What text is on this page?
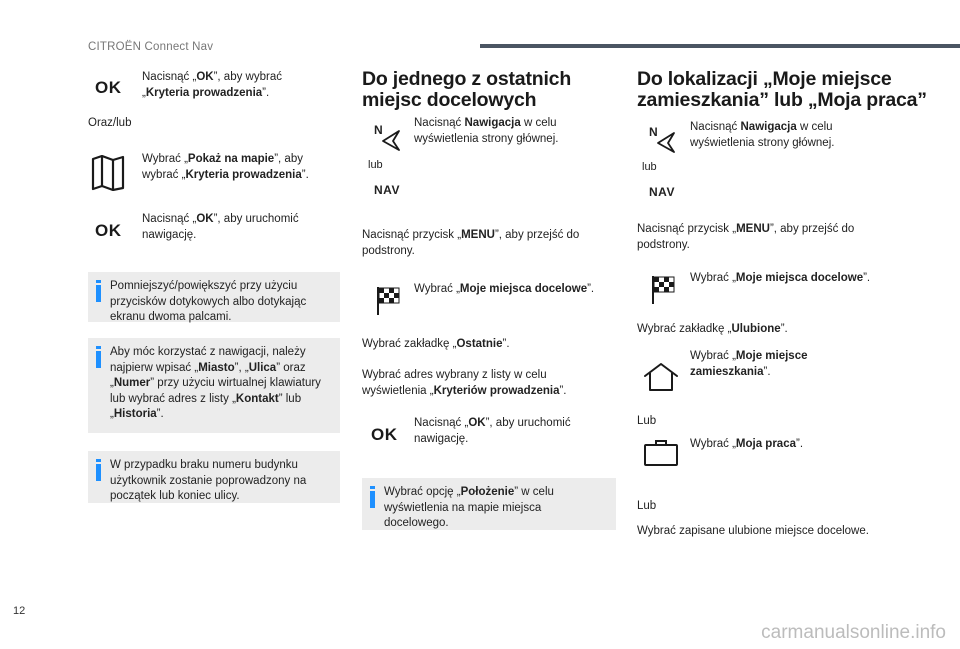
CITROËN Connect Nav
OK
Nacisnąć „OK”, aby wybrać „Kryteria prowadzenia”.
Oraz/lub
Wybrać „Pokaż na mapie”, aby wybrać „Kryteria prowadzenia”.
OK
Nacisnąć „OK”, aby uruchomić nawigację.
Pomniejszyć/powiększyć przy użyciu przycisków dotykowych albo dotykając ekranu dwoma palcami.
Aby móc korzystać z nawigacji, należy najpierw wpisać „Miasto”, „Ulica” oraz „Numer” przy użyciu wirtualnej klawiatury lub wybrać adres z listy „Kontakt” lub „Historia”.
W przypadku braku numeru budynku użytkownik zostanie poprowadzony na początek lub koniec ulicy.
Do jednego z ostatnich miejsc docelowych
N
lub
NAV
Nacisnąć Nawigacja w celu wyświetlenia strony głównej.
Nacisnąć przycisk „MENU”, aby przejść do podstrony.
Wybrać „Moje miejsca docelowe”.
Wybrać zakładkę „Ostatnie”.
Wybrać adres wybrany z listy w celu wyświetlenia „Kryteriów prowadzenia”.
OK
Nacisnąć „OK”, aby uruchomić nawigację.
Wybrać opcję „Położenie” w celu wyświetlenia na mapie miejsca docelowego.
Do lokalizacji „Moje miejsce zamieszkania” lub „Moja praca”
N
lub
NAV
Nacisnąć Nawigacja w celu wyświetlenia strony głównej.
Nacisnąć przycisk „MENU”, aby przejść do podstrony.
Wybrać „Moje miejsca docelowe”.
Wybrać zakładkę „Ulubione”.
Wybrać „Moje miejsce zamieszkania”.
Lub
Wybrać „Moja praca”.
Lub
Wybrać zapisane ulubione miejsce docelowe.
12
carmanualsonline.info
